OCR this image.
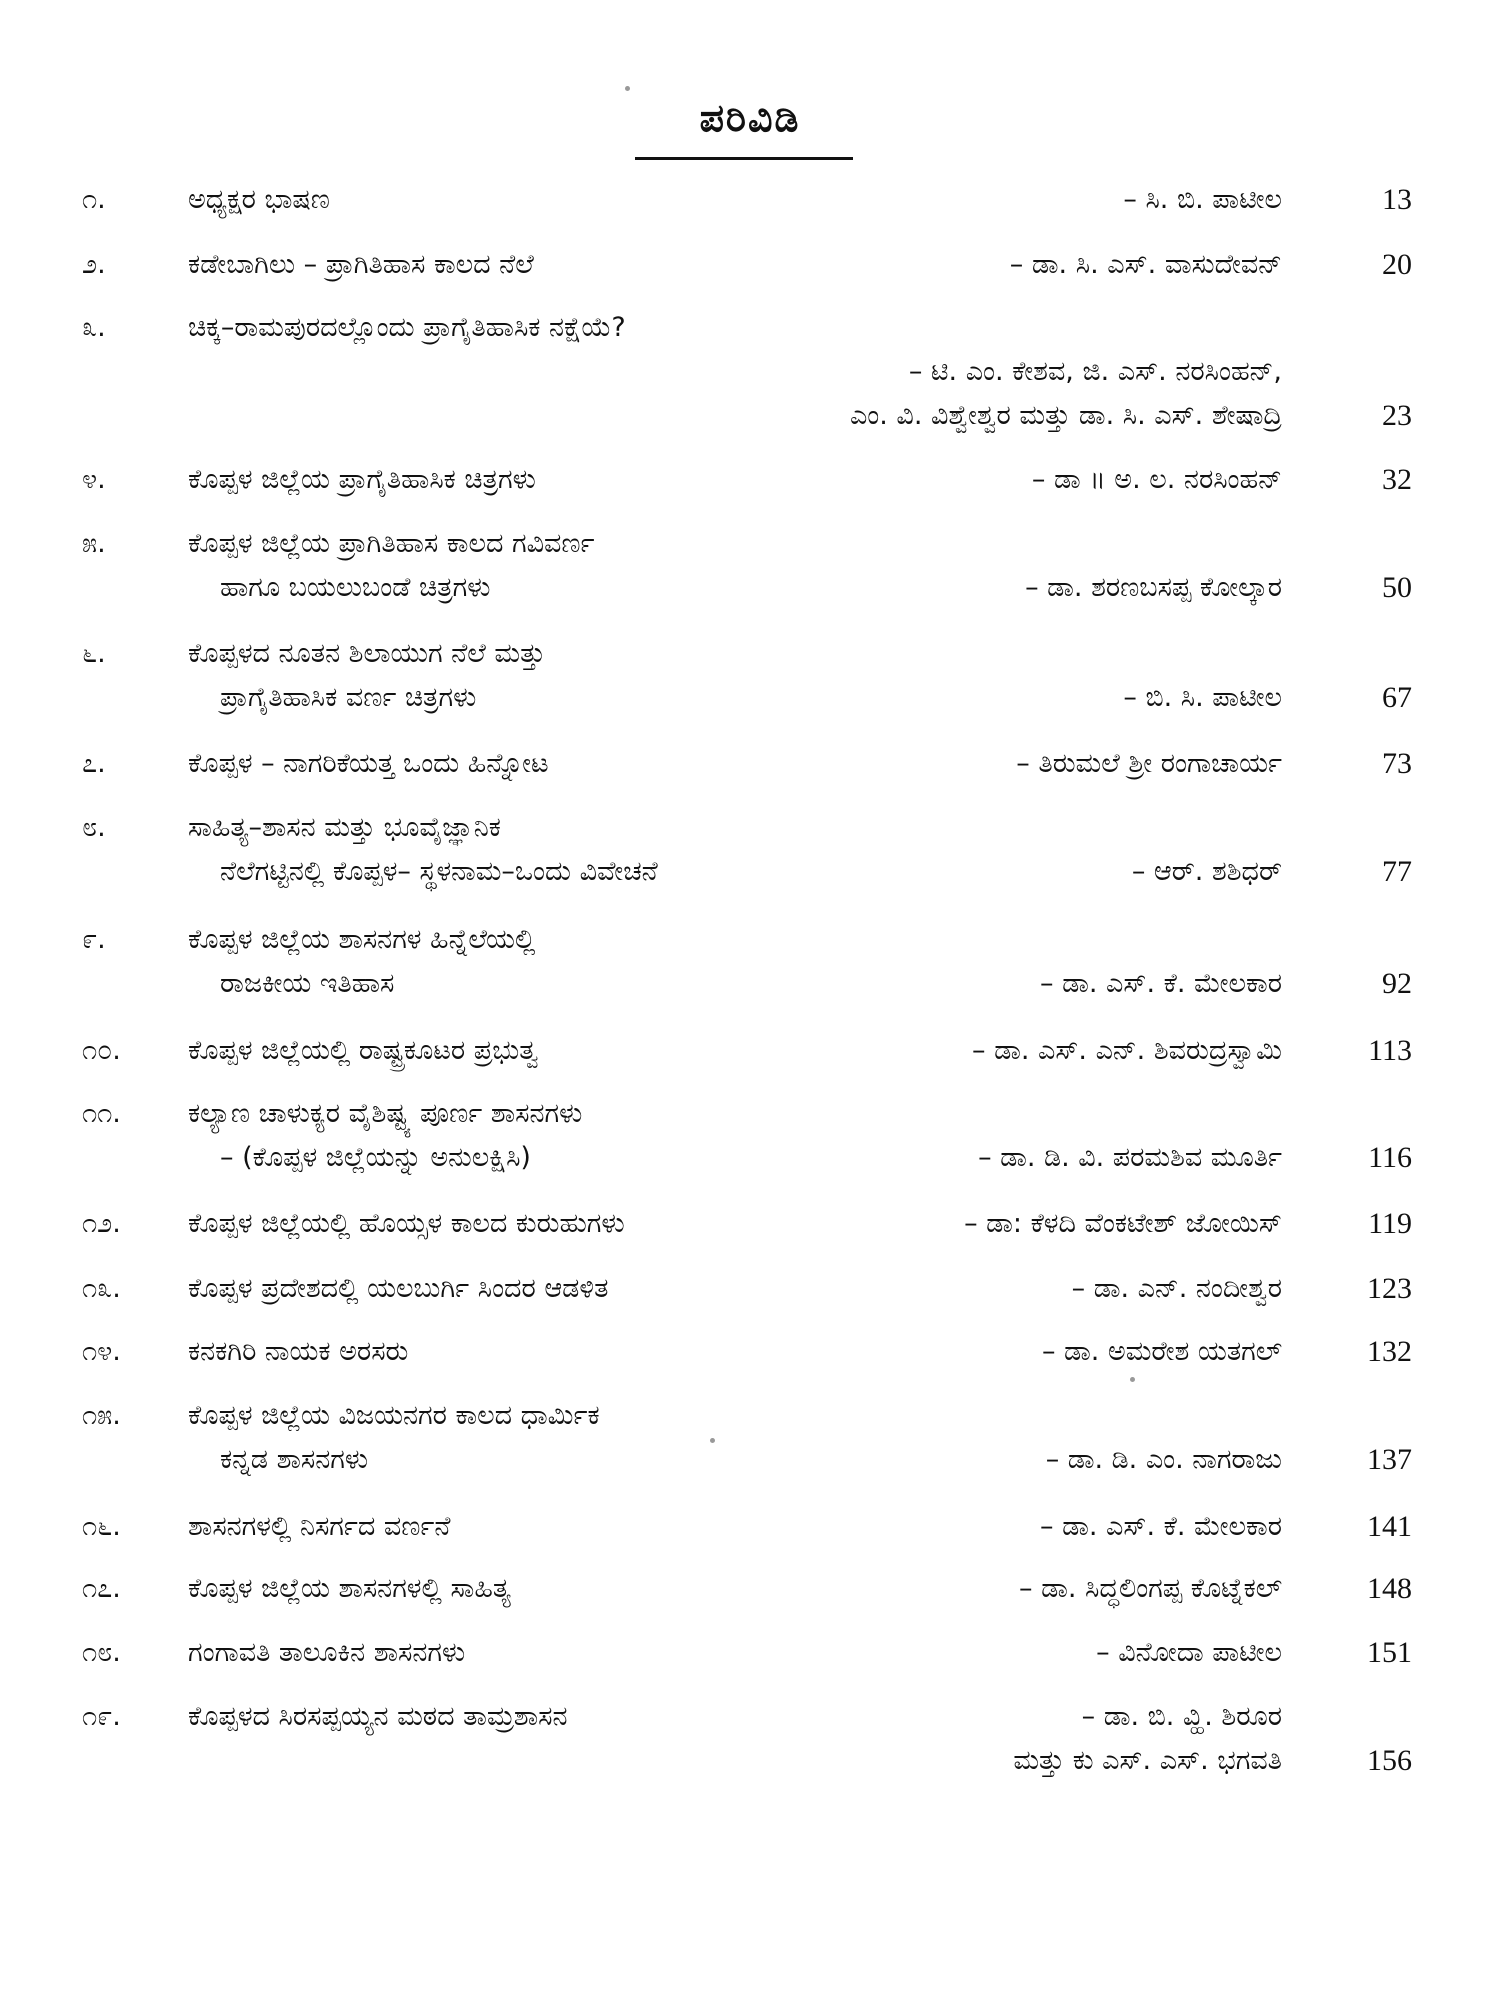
ಪರಿವಿಡಿ
೧.	ಅಧ್ಯಕ್ಷರ ಭಾಷಣ	– ಸಿ. ಬಿ. ಪಾಟೀಲ	13
೨.	ಕಡೇಬಾಗಿಲು – ಪ್ರಾಗಿತಿಹಾಸ ಕಾಲದ ನೆಲೆ	– ಡಾ. ಸಿ. ಎಸ್. ವಾಸುದೇವನ್	20
೩.	ಚಿಕ್ಕ–ರಾಮಪುರದಲ್ಲೊಂದು ಪ್ರಾಗೈತಿಹಾಸಿಕ ನಕ್ಷೆಯೆ?
– ಟಿ. ಎಂ. ಕೇಶವ, ಜಿ. ಎಸ್. ನರಸಿಂಹನ್,
ಎಂ. ವಿ. ವಿಶ್ವೇಶ್ವರ ಮತ್ತು ಡಾ. ಸಿ. ಎಸ್. ಶೇಷಾದ್ರಿ	23
೪.	ಕೊಪ್ಪಳ ಜಿಲ್ಲೆಯ ಪ್ರಾಗೈತಿಹಾಸಿಕ ಚಿತ್ರಗಳು	– ಡಾ ॥ ಅ. ಲ. ನರಸಿಂಹನ್	32
೫.	ಕೊಪ್ಪಳ ಜಿಲ್ಲೆಯ ಪ್ರಾಗಿತಿಹಾಸ ಕಾಲದ ಗವಿವರ್ಣ
ಹಾಗೂ ಬಯಲುಬಂಡೆ ಚಿತ್ರಗಳು	– ಡಾ. ಶರಣಬಸಪ್ಪ ಕೋಲ್ಕಾರ	50
೬.	ಕೊಪ್ಪಳದ ನೂತನ ಶಿಲಾಯುಗ ನೆಲೆ ಮತ್ತು
ಪ್ರಾಗೈತಿಹಾಸಿಕ ವರ್ಣ ಚಿತ್ರಗಳು	– ಬಿ. ಸಿ. ಪಾಟೀಲ	67
೭.	ಕೊಪ್ಪಳ – ನಾಗರಿಕೆಯತ್ತ ಒಂದು ಹಿನ್ನೋಟ	– ತಿರುಮಲೆ ಶ್ರೀ ರಂಗಾಚಾರ್ಯ	73
೮.	ಸಾಹಿತ್ಯ–ಶಾಸನ ಮತ್ತು ಭೂವೈಜ್ಞಾನಿಕ
ನೆಲೆಗಟ್ಟಿನಲ್ಲಿ ಕೊಪ್ಪಳ– ಸ್ಥಳನಾಮ–ಒಂದು ವಿವೇಚನೆ	– ಆರ್. ಶಶಿಧರ್	77
೯.	ಕೊಪ್ಪಳ ಜಿಲ್ಲೆಯ ಶಾಸನಗಳ ಹಿನ್ನೆಲೆಯಲ್ಲಿ
ರಾಜಕೀಯ ಇತಿಹಾಸ	– ಡಾ. ಎಸ್. ಕೆ. ಮೇಲಕಾರ	92
೧೦.	ಕೊಪ್ಪಳ ಜಿಲ್ಲೆಯಲ್ಲಿ ರಾಷ್ಟ್ರಕೂಟರ ಪ್ರಭುತ್ವ	– ಡಾ. ಎಸ್. ಎನ್. ಶಿವರುದ್ರಸ್ವಾಮಿ	113
೧೧.	ಕಲ್ಯಾಣ ಚಾಳುಕ್ಯರ ವೈಶಿಷ್ಟ್ಯ ಪೂರ್ಣ ಶಾಸನಗಳು
– (ಕೊಪ್ಪಳ ಜಿಲ್ಲೆಯನ್ನು ಅನುಲಕ್ಷಿಸಿ)	– ಡಾ. ಡಿ. ವಿ. ಪರಮಶಿವ ಮೂರ್ತಿ	116
೧೨.	ಕೊಪ್ಪಳ ಜಿಲ್ಲೆಯಲ್ಲಿ ಹೊಯ್ಸಳ ಕಾಲದ ಕುರುಹುಗಳು	– ಡಾ: ಕೆಳದಿ ವೆಂಕಟೇಶ್ ಜೋಯಿಸ್	119
೧೩.	ಕೊಪ್ಪಳ ಪ್ರದೇಶದಲ್ಲಿ ಯಲಬುರ್ಗಿ ಸಿಂದರ ಆಡಳಿತ	– ಡಾ. ಎನ್. ನಂದೀಶ್ವರ	123
೧೪.	ಕನಕಗಿರಿ ನಾಯಕ ಅರಸರು	– ಡಾ. ಅಮರೇಶ ಯತಗಲ್	132
೧೫.	ಕೊಪ್ಪಳ ಜಿಲ್ಲೆಯ ವಿಜಯನಗರ ಕಾಲದ ಧಾರ್ಮಿಕ
ಕನ್ನಡ ಶಾಸನಗಳು	– ಡಾ. ಡಿ. ಎಂ. ನಾಗರಾಜು	137
೧೬.	ಶಾಸನಗಳಲ್ಲಿ ನಿಸರ್ಗದ ವರ್ಣನೆ	– ಡಾ. ಎಸ್. ಕೆ. ಮೇಲಕಾರ	141
೧೭.	ಕೊಪ್ಪಳ ಜಿಲ್ಲೆಯ ಶಾಸನಗಳಲ್ಲಿ ಸಾಹಿತ್ಯ	– ಡಾ. ಸಿದ್ಧಲಿಂಗಪ್ಪ ಕೊಟ್ನೆಕಲ್	148
೧೮.	ಗಂಗಾವತಿ ತಾಲೂಕಿನ ಶಾಸನಗಳು	– ವಿನೋದಾ ಪಾಟೀಲ	151
೧೯.	ಕೊಪ್ಪಳದ ಸಿರಸಪ್ಪಯ್ಯನ ಮಠದ ತಾಮ್ರಶಾಸನ	– ಡಾ. ಬಿ. ವ್ಹಿ. ಶಿರೂರ
ಮತ್ತು ಕು ಎಸ್. ಎಸ್. ಭಗವತಿ	156
